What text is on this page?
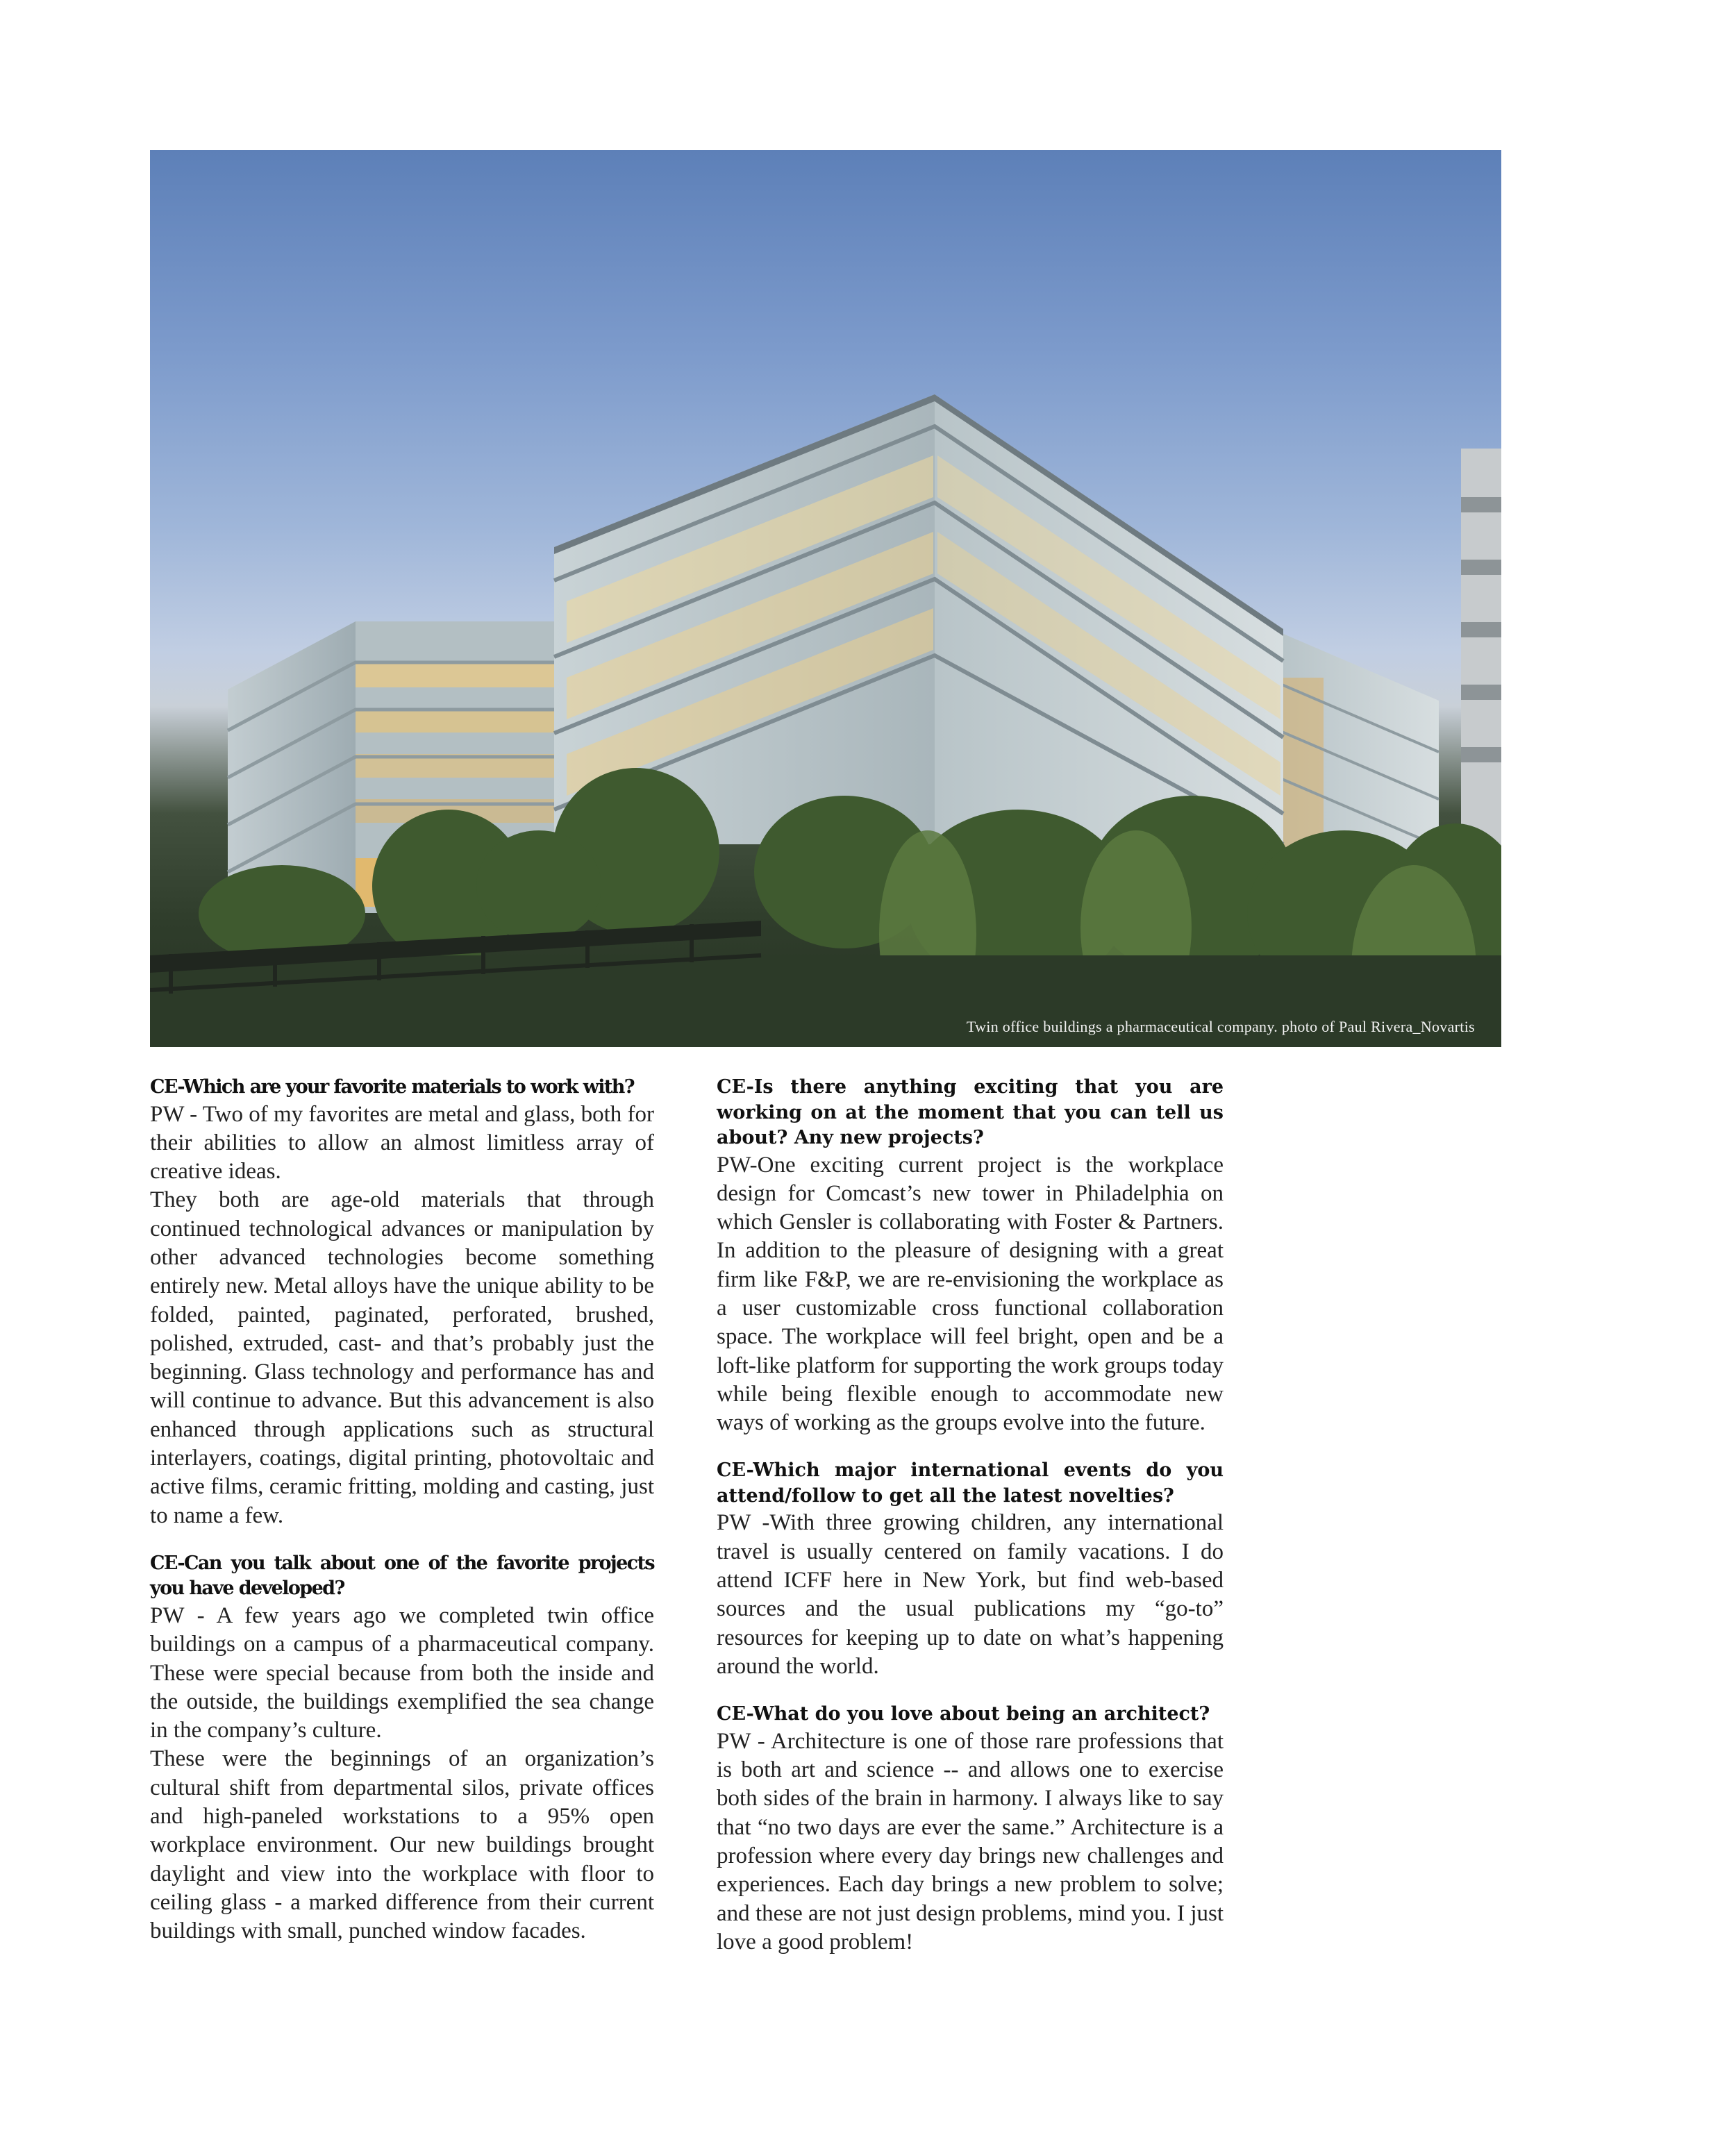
Twin office buildings a pharmaceutical company. photo of Paul Rivera_Novartis

CE-Which are your favorite materials to work with?

PW - Two of my favorites are metal and glass, both for their abilities to allow an almost limitless array of creative ideas.

They both are age-old materials that through continued technological advances or manipulation by other advanced technologies become something entirely new. Metal alloys have the unique ability to be folded, painted, paginated, perforated, brushed, polished, extruded, cast- and that’s probably just the beginning. Glass technology and performance has and will continue to advance. But this advancement is also enhanced through applications such as structural interlayers, coatings, digital printing, photovoltaic and active films, ceramic fritting, molding and casting, just to name a few.

CE-Can you talk about one of the favorite projects you have developed?

PW - A few years ago we completed twin office buildings on a campus of a pharmaceutical company. These were special because from both the inside and the outside, the buildings exemplified the sea change in the company’s culture.

These were the beginnings of an organization’s cultural shift from departmental silos, private offices and high-paneled workstations to a 95% open workplace environment. Our new buildings brought daylight and view into the workplace with floor to ceiling glass - a marked difference from their current buildings with small, punched window facades.

CE-Is there anything exciting that you are working on at the moment that you can tell us about? Any new projects?

PW-One exciting current project is the workplace design for Comcast’s new tower in Philadelphia on which Gensler is collaborating with Foster & Partners. In addition to the pleasure of designing with a great firm like F&P, we are re-envisioning the workplace as a user customizable cross functional collaboration space. The workplace will feel bright, open and be a loft-like platform for supporting the work groups today while being flexible enough to accommodate new ways of working as the groups evolve into the future.

CE-Which major international events do you attend/follow to get all the latest novelties?

PW -With three growing children, any international travel is usually centered on family vacations. I do attend ICFF here in New York, but find web-based sources and the usual publications my “go-to” resources for keeping up to date on what’s happening around the world.

CE-What do you love about being an architect?

PW - Architecture is one of those rare professions that is both art and science -- and allows one to exercise both sides of the brain in harmony. I always like to say that “no two days are ever the same.” Architecture is a profession where every day brings new challenges and experiences. Each day brings a new problem to solve; and these are not just design problems, mind you. I just love a good problem!
